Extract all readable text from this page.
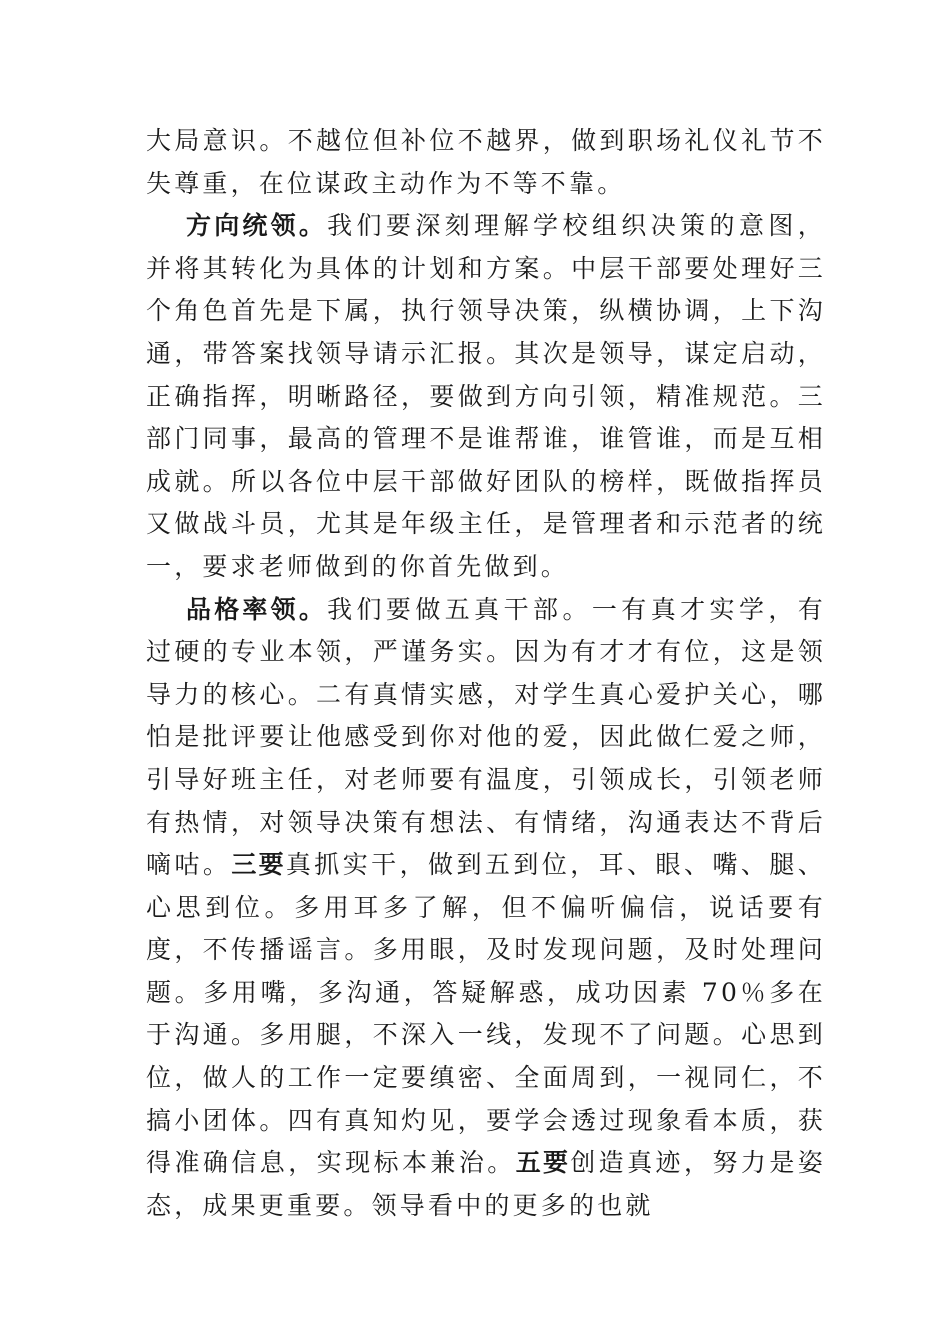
大局意识。不越位但补位不越界，做到职场礼仪礼节不失尊重，在位谋政主动作为不等不靠。

方向统领。我们要深刻理解学校组织决策的意图，并将其转化为具体的计划和方案。中层干部要处理好三个角色首先是下属，执行领导决策，纵横协调，上下沟通，带答案找领导请示汇报。其次是领导，谋定启动，正确指挥，明晰路径，要做到方向引领，精准规范。三部门同事，最高的管理不是谁帮谁，谁管谁，而是互相成就。所以各位中层干部做好团队的榜样，既做指挥员又做战斗员，尤其是年级主任，是管理者和示范者的统一，要求老师做到的你首先做到。

品格率领。我们要做五真干部。一有真才实学，有过硬的专业本领，严谨务实。因为有才才有位，这是领导力的核心。二有真情实感，对学生真心爱护关心，哪怕是批评要让他感受到你对他的爱，因此做仁爱之师，引导好班主任，对老师要有温度，引领成长，引领老师有热情，对领导决策有想法、有情绪，沟通表达不背后嘀咕。三要真抓实干，做到五到位，耳、眼、嘴、腿、心思到位。多用耳多了解，但不偏听偏信，说话要有度，不传播谣言。多用眼，及时发现问题，及时处理问题。多用嘴，多沟通，答疑解惑，成功因素 70％多在于沟通。多用腿，不深入一线，发现不了问题。心思到位，做人的工作一定要缜密、全面周到，一视同仁，不搞小团体。四有真知灼见，要学会透过现象看本质，获得准确信息，实现标本兼治。五要创造真迹，努力是姿态，成果更重要。领导看中的更多的也就
